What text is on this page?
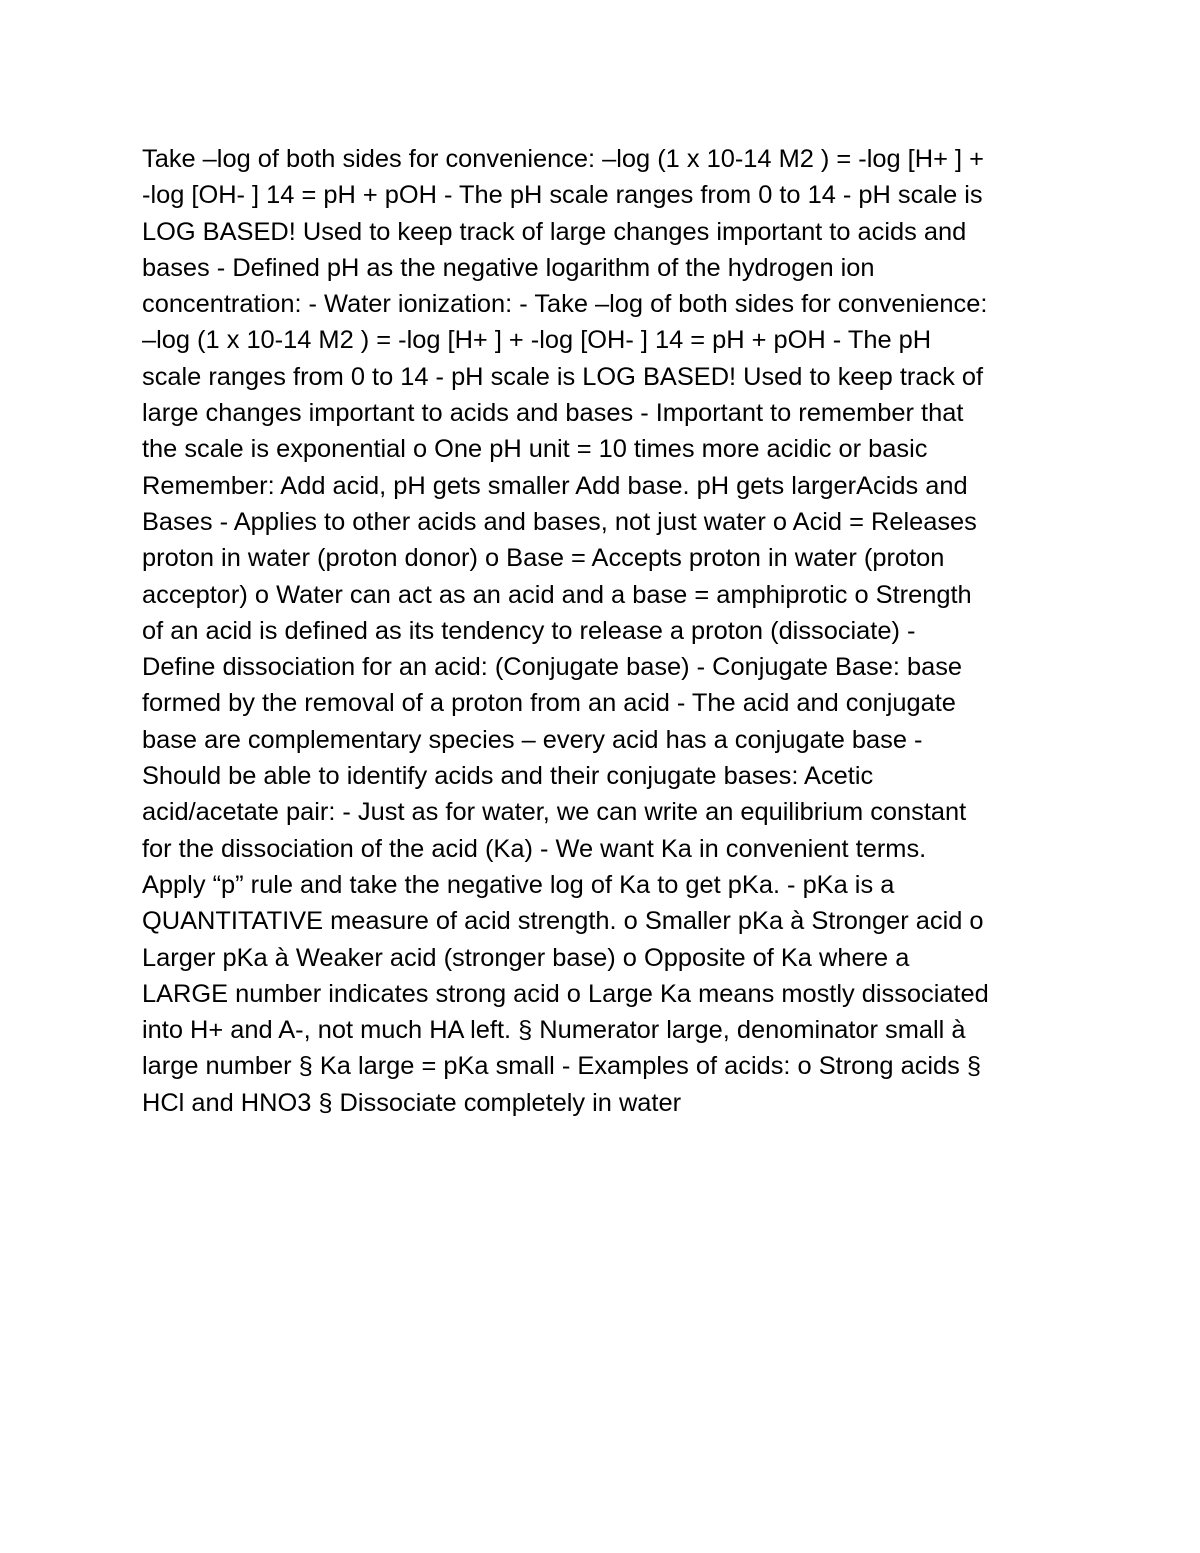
Take –log of both sides for convenience: –log (1 x 10-14 M2 ) = -log [H+ ] +
-log [OH- ] 14 = pH + pOH - The pH scale ranges from 0 to 14 - pH scale is
LOG BASED! Used to keep track of large changes important to acids and
bases - Defined pH as the negative logarithm of the hydrogen ion
concentration: - Water ionization: - Take –log of both sides for convenience:
–log (1 x 10-14 M2 ) = -log [H+ ] + -log [OH- ] 14 = pH + pOH - The pH
scale ranges from 0 to 14 - pH scale is LOG BASED! Used to keep track of
large changes important to acids and bases - Important to remember that
the scale is exponential o One pH unit = 10 times more acidic or basic
Remember: Add acid, pH gets smaller Add base. pH gets largerAcids and
Bases - Applies to other acids and bases, not just water o Acid = Releases
proton in water (proton donor) o Base = Accepts proton in water (proton
acceptor) o Water can act as an acid and a base = amphiprotic o Strength
of an acid is defined as its tendency to release a proton (dissociate) -
Define dissociation for an acid: (Conjugate base) - Conjugate Base: base
formed by the removal of a proton from an acid - The acid and conjugate
base are complementary species – every acid has a conjugate base -
Should be able to identify acids and their conjugate bases: Acetic
acid/acetate pair: - Just as for water, we can write an equilibrium constant
for the dissociation of the acid (Ka) - We want Ka in convenient terms.
Apply “p” rule and take the negative log of Ka to get pKa. - pKa is a
QUANTITATIVE measure of acid strength. o Smaller pKa à Stronger acid o
Larger pKa à Weaker acid (stronger base) o Opposite of Ka where a
LARGE number indicates strong acid o Large Ka means mostly dissociated
into H+ and A-, not much HA left. § Numerator large, denominator small à
large number § Ka large = pKa small - Examples of acids: o Strong acids §
HCl and HNO3 § Dissociate completely in water
